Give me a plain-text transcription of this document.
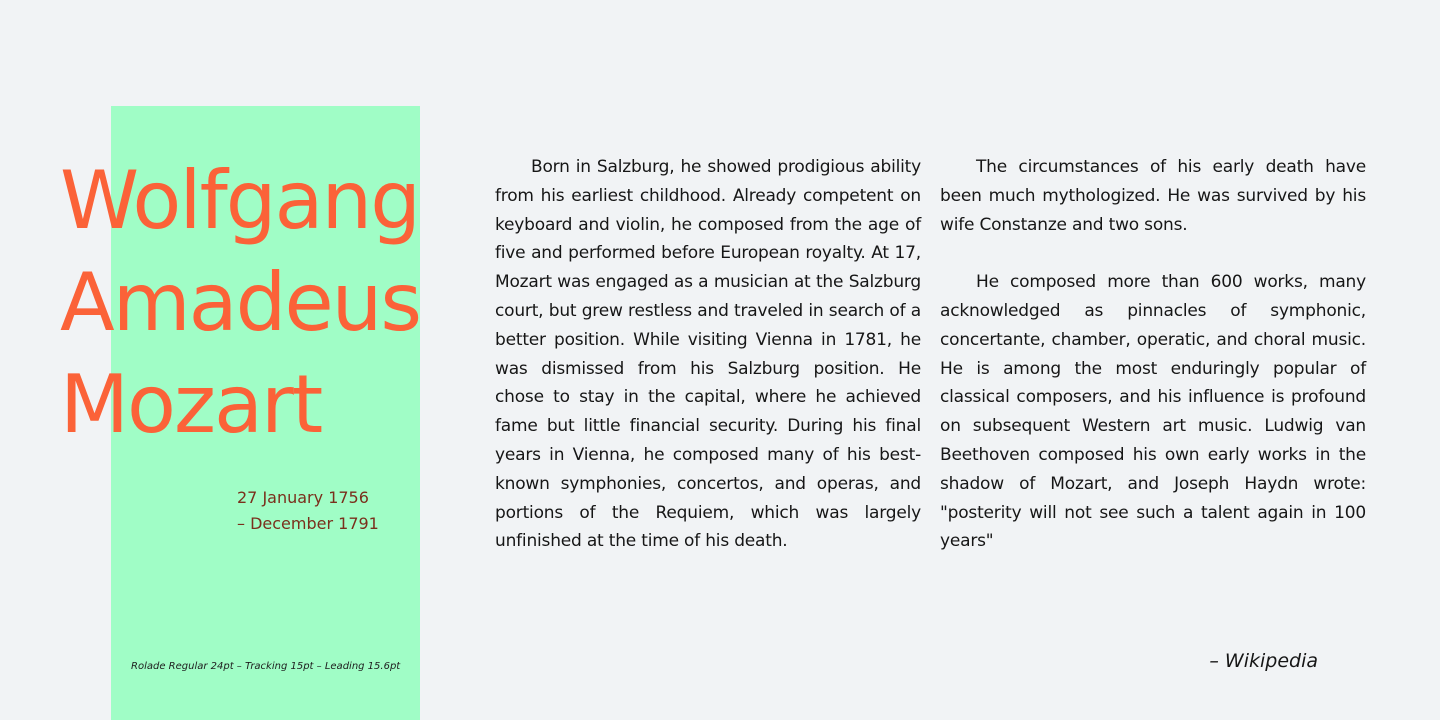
Wolfgang
Amadeus
Mozart
27 January 1756
– December 1791
Rolade Regular 24pt – Tracking 15pt – Leading 15.6pt

Born in Salzburg, he showed prodigious ability from his earliest childhood. Already competent on keyboard and violin, he composed from the age of five and performed before European royalty. At 17, Mozart was engaged as a musician at the Salzburg court, but grew restless and traveled in search of a better position. While visiting Vienna in 1781, he was dismissed from his Salzburg position. He chose to stay in the capital, where he achieved fame but little financial security. During his final years in Vienna, he composed many of his best-known symphonies, concertos, and operas, and portions of the Requiem, which was largely unfinished at the time of his death.

The circumstances of his early death have been much mythologized. He was survived by his wife Constanze and two sons.

He composed more than 600 works, many acknowledged as pinnacles of symphonic, concertante, chamber, operatic, and choral music. He is among the most enduringly popular of classical composers, and his influence is profound on subsequent Western art music. Ludwig van Beethoven composed his own early works in the shadow of Mozart, and Joseph Haydn wrote: "posterity will not see such a talent again in 100 years"

– Wikipedia
